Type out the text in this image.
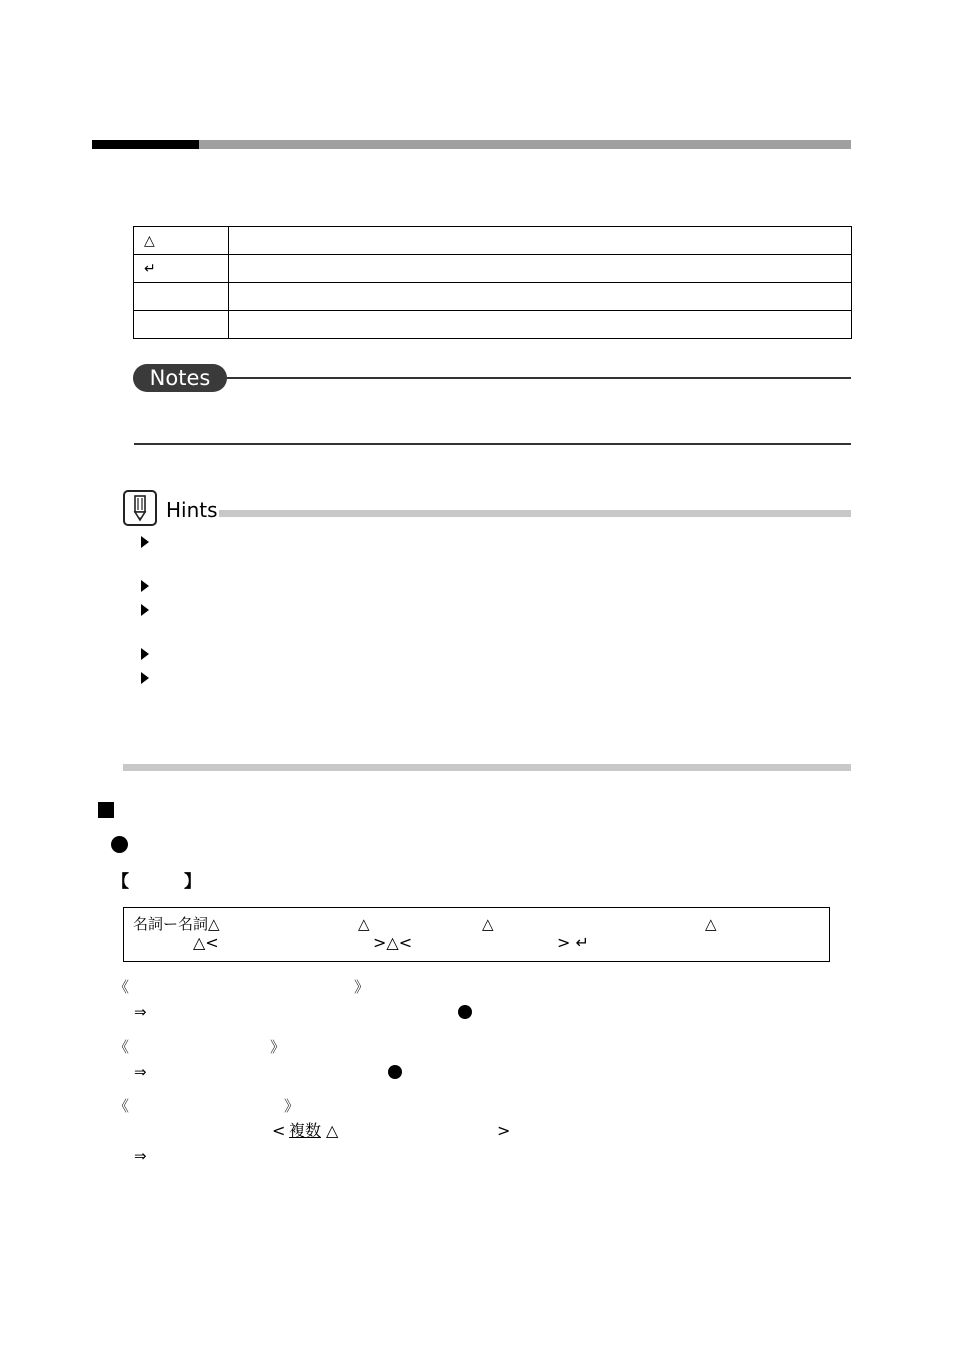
△	
↵	

Notes
Hints
【	】
名詞ー名詞△	△	△	△
△<	>△<	> ↵
《	》
⇒
《	》
⇒
《	》
< 複数 △	>
⇒
